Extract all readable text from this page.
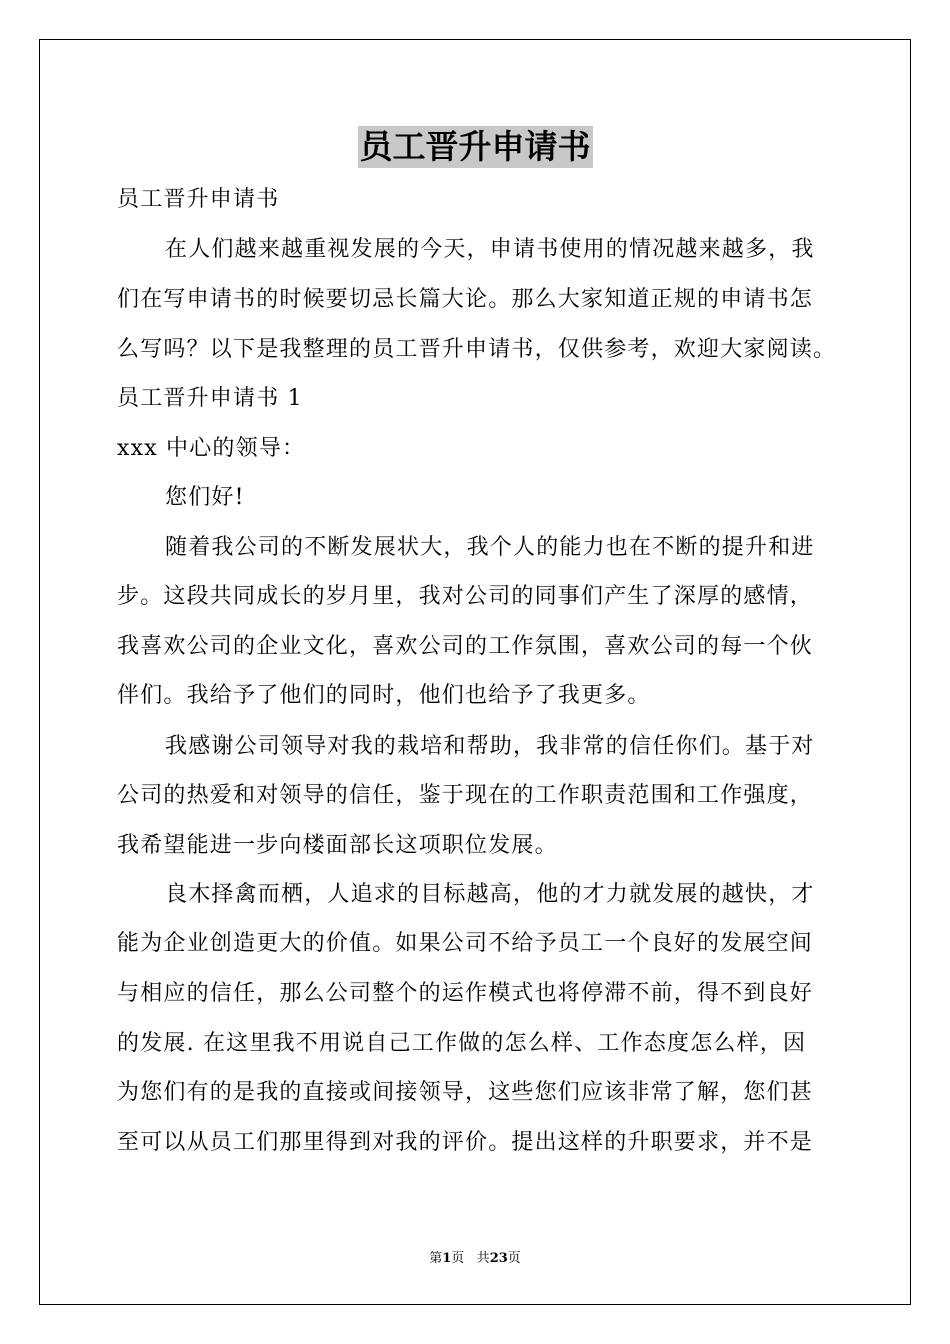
员工晋升申请书
员工晋升申请书
在人们越来越重视发展的今天，申请书使用的情况越来越多，我
们在写申请书的时候要切忌长篇大论。那么大家知道正规的申请书怎
么写吗？以下是我整理的员工晋升申请书，仅供参考，欢迎大家阅读。
员工晋升申请书 1
xxx 中心的领导：
您们好!
随着我公司的不断发展状大，我个人的能力也在不断的提升和进
步。这段共同成长的岁月里，我对公司的同事们产生了深厚的感情，
我喜欢公司的企业文化，喜欢公司的工作氛围，喜欢公司的每一个伙
伴们。我给予了他们的同时，他们也给予了我更多。
我感谢公司领导对我的栽培和帮助，我非常的信任你们。基于对
公司的热爱和对领导的信任，鉴于现在的工作职责范围和工作强度，
我希望能进一步向楼面部长这项职位发展。
良木择禽而栖，人追求的目标越高，他的才力就发展的越快，才
能为企业创造更大的价值。如果公司不给予员工一个良好的发展空间
与相应的信任，那么公司整个的运作模式也将停滞不前，得不到良好
的发展. 在这里我不用说自己工作做的怎么样、工作态度怎么样，因
为您们有的是我的直接或间接领导，这些您们应该非常了解，您们甚
至可以从员工们那里得到对我的评价。提出这样的升职要求，并不是
第1页 共23页
